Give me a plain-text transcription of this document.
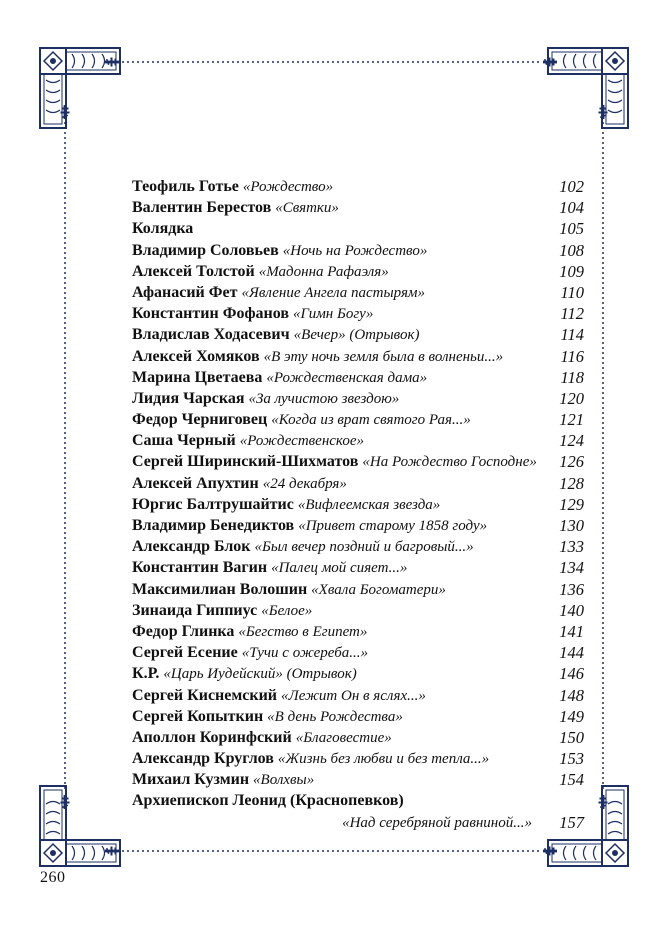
Теофиль Готье «Рождество»	102
Валентин Берестов «Святки»	104
Колядка	105
Владимир Соловьев «Ночь на Рождество»	108
Алексей Толстой «Мадонна Рафаэля»	109
Афанасий Фет «Явление Ангела пастырям»	110
Константин Фофанов «Гимн Богу»	112
Владислав Ходасевич «Вечер» (Отрывок)	114
Алексей Хомяков «В эту ночь земля была в волненьи...»	116
Марина Цветаева «Рождественская дама»	118
Лидия Чарская «За лучистою звездою»	120
Федор Черниговец «Когда из врат святого Рая...»	121
Саша Черный «Рождественское»	124
Сергей Ширинский-Шихматов «На Рождество Господне»	126
Алексей Апухтин «24 декабря»	128
Юргис Балтрушайтис «Вифлеемская звезда»	129
Владимир Бенедиктов «Привет старому 1858 году»	130
Александр Блок «Был вечер поздний и багровый...»	133
Константин Вагин «Палец мой сияет...»	134
Максимилиан Волошин «Хвала Богоматери»	136
Зинаида Гиппиус «Белое»	140
Федор Глинка «Бегство в Египет»	141
Сергей Есение «Тучи с ожереба...»	144
К.Р. «Царь Иудейский» (Отрывок)	146
Сергей Киснемский «Лежит Он в яслях...»	148
Сергей Копыткин «В день Рождества»	149
Аполлон Коринфский «Благовестие»	150
Александр Круглов «Жизнь без любви и без тепла...»	153
Михаил Кузмин «Волхвы»	154
Архиепископ Леонид (Краснопевков)
«Над серебряной равниной...»	157
260
